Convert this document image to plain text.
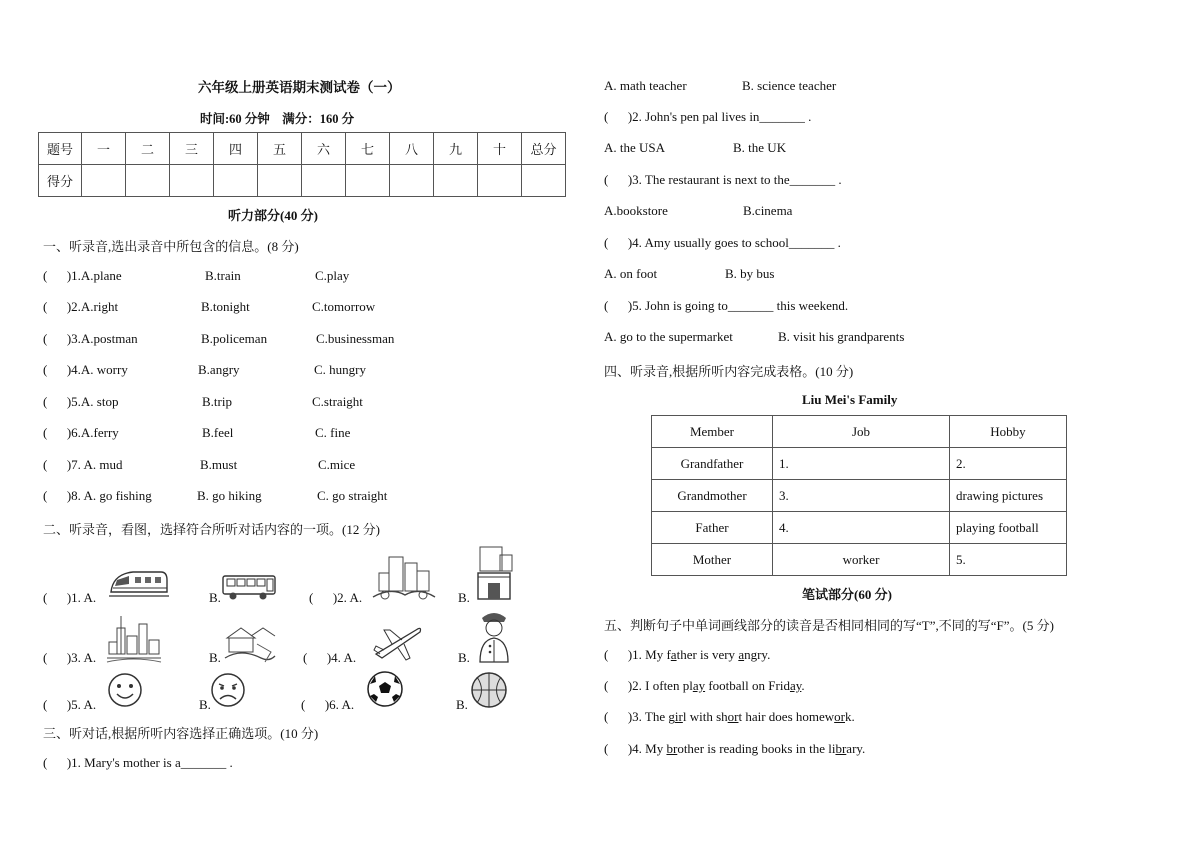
六年级上册英语期末测试卷（一）
时间:60 分钟    满分：160 分
题号	一	二	三	四	五	六	七	八	九	十	总分
得分											
听力部分(40 分)
一、听录音,选出录音中所包含的信息。(8 分)
(      )1.A.plane	B.train	C.play
(      )2.A.right	B.tonight	C.tomorrow
(      )3.A.postman	B.policeman	C.businessman
(      )4.A. worry	B.angry	C. hungry
(      )5.A. stop	B.trip	C.straight
(      )6.A.ferry	B.feel	C. fine
(      )7. A. mud	B.must	C.mice
(      )8. A. go fishing	B. go hiking	C. go straight
二、听录音，看图，选择符合所听对话内容的一项。(12 分)
(      )1. A.	B.	(      )2. A.	B.
(      )3. A.	B.	(      )4. A.	B.
(      )5. A.	B.	(      )6. A.	B.
三、听对话,根据所听内容选择正确选项。(10 分)
(      )1. Mary's mother is a_______ .
A. math teacher	B. science teacher
(      )2. John's pen pal lives in_______ .
A. the USA	B. the UK
(      )3. The restaurant is next to the_______ .
A.bookstore	B.cinema
(      )4. Amy usually goes to school_______ .
A. on foot	B. by bus
(      )5. John is going to_______ this weekend.
A. go to the supermarket	B. visit his grandparents
四、听录音,根据所听内容完成表格。(10 分)
Liu Mei's Family
Member	Job	Hobby
Grandfather	1.	2.
Grandmother	3.	drawing pictures
Father	4.	playing football
Mother	worker	5.
笔试部分(60 分)
五、判断句子中单词画线部分的读音是否相同相同的写“T”,不同的写“F”。(5 分)
(      )1. My father is very angry.
(      )2. I often play football on Friday.
(      )3. The girl with short hair does homework.
(      )4. My brother is reading books in the library.
